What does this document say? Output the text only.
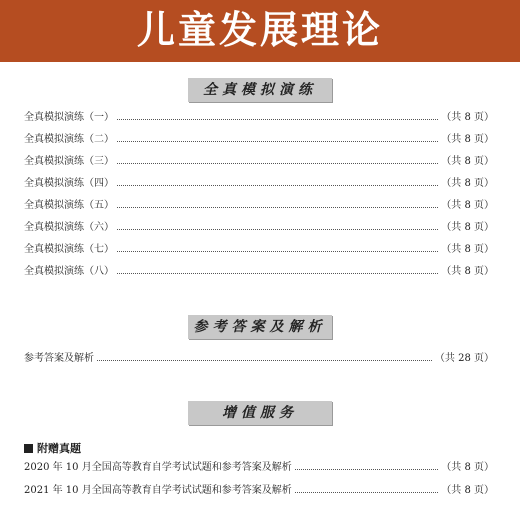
儿童发展理论
全真模拟演练
全真模拟演练（一）	（共 8 页）
全真模拟演练（二）	（共 8 页）
全真模拟演练（三）	（共 8 页）
全真模拟演练（四）	（共 8 页）
全真模拟演练（五）	（共 8 页）
全真模拟演练（六）	（共 8 页）
全真模拟演练（七）	（共 8 页）
全真模拟演练（八）	（共 8 页）
参考答案及解析
参考答案及解析	（共 28 页）
增值服务
附赠真题
2020 年 10 月全国高等教育自学考试试题和参考答案及解析	（共 8 页）
2021 年 10 月全国高等教育自学考试试题和参考答案及解析	（共 8 页）
